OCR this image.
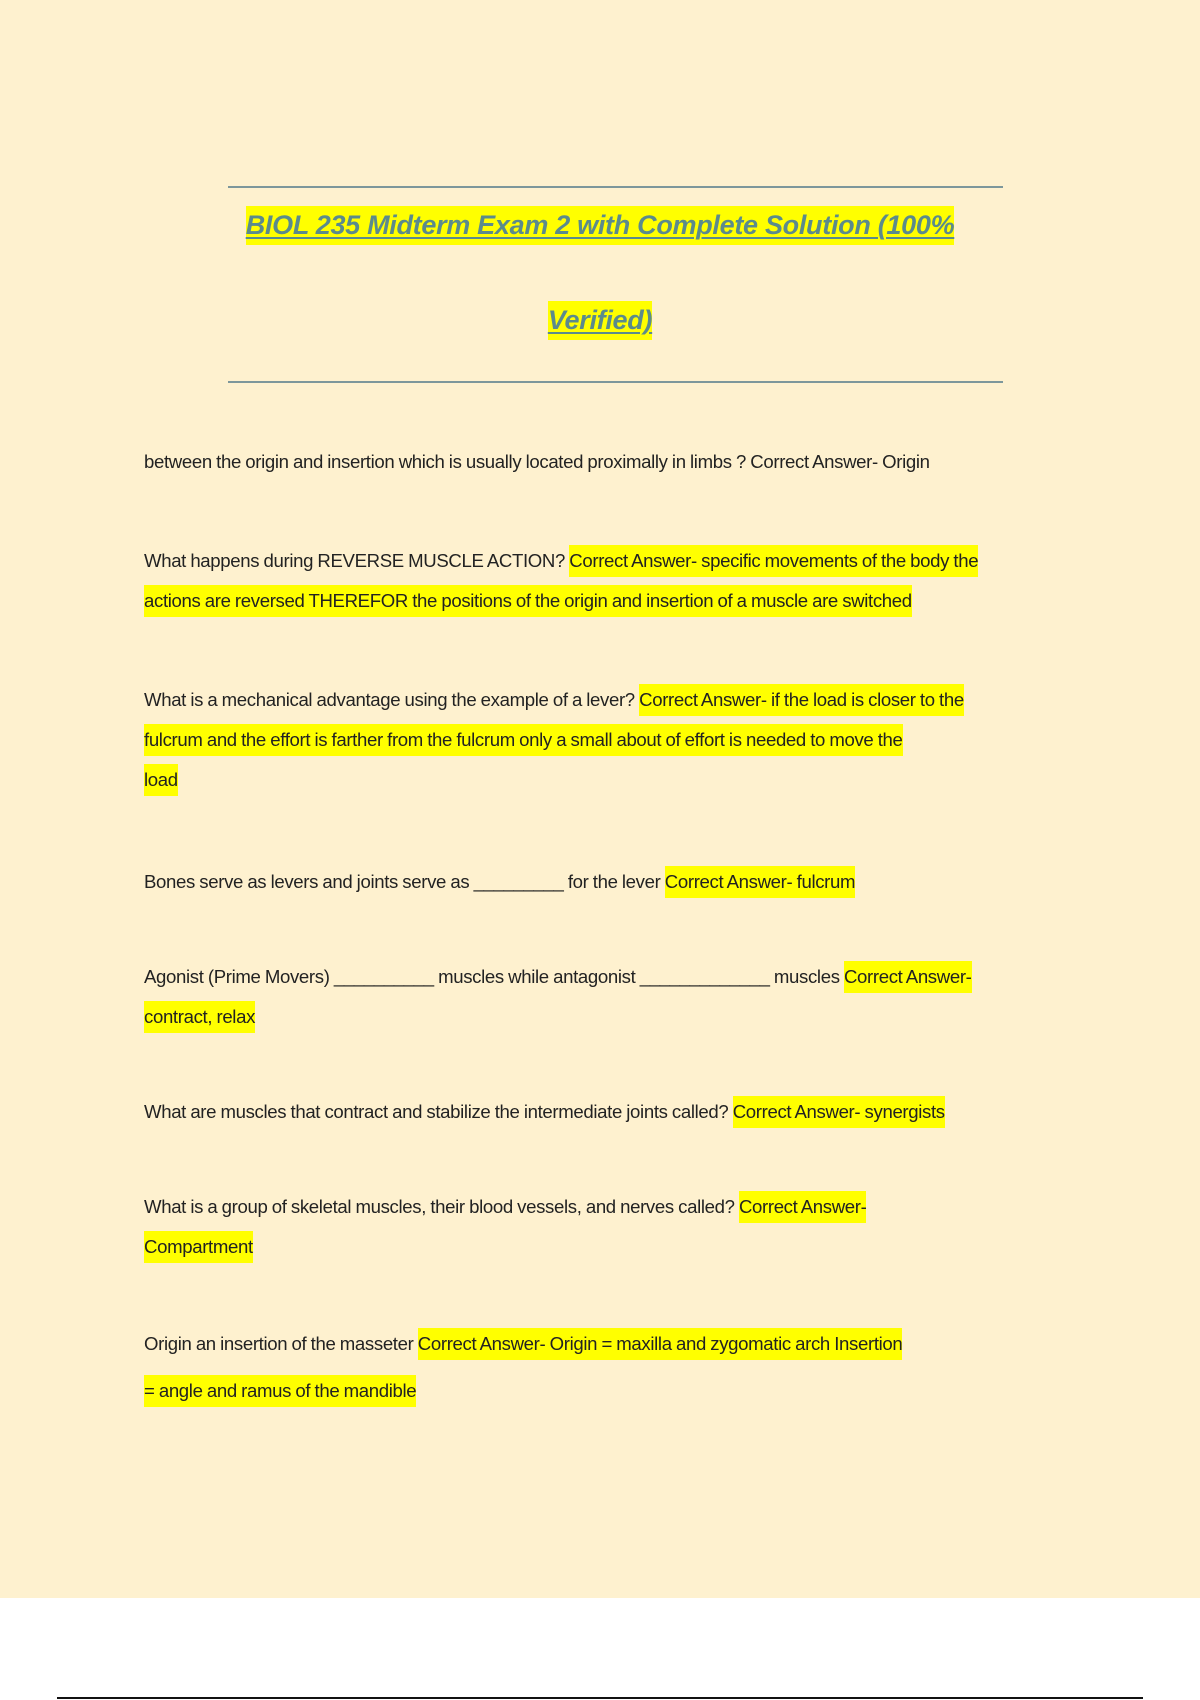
BIOL 235 Midterm Exam 2 with Complete Solution (100%
Verified)
between the origin and insertion which is usually located proximally in limbs ? Correct Answer- Origin
What happens during REVERSE MUSCLE ACTION? Correct Answer- specific movements of the body the
actions are reversed THEREFOR the positions of the origin and insertion of a muscle are switched
What is a mechanical advantage using the example of a lever? Correct Answer- if the load is closer to the
fulcrum and the effort is farther from the fulcrum only a small about of effort is needed to move the
load
Bones serve as levers and joints serve as _________ for the lever Correct Answer- fulcrum
Agonist (Prime Movers) __________ muscles while antagonist _____________ muscles Correct Answer-
contract, relax
What are muscles that contract and stabilize the intermediate joints called? Correct Answer- synergists
What is a group of skeletal muscles, their blood vessels, and nerves called? Correct Answer-
Compartment
Origin an insertion of the masseter Correct Answer- Origin = maxilla and zygomatic arch Insertion
= angle and ramus of the mandible
